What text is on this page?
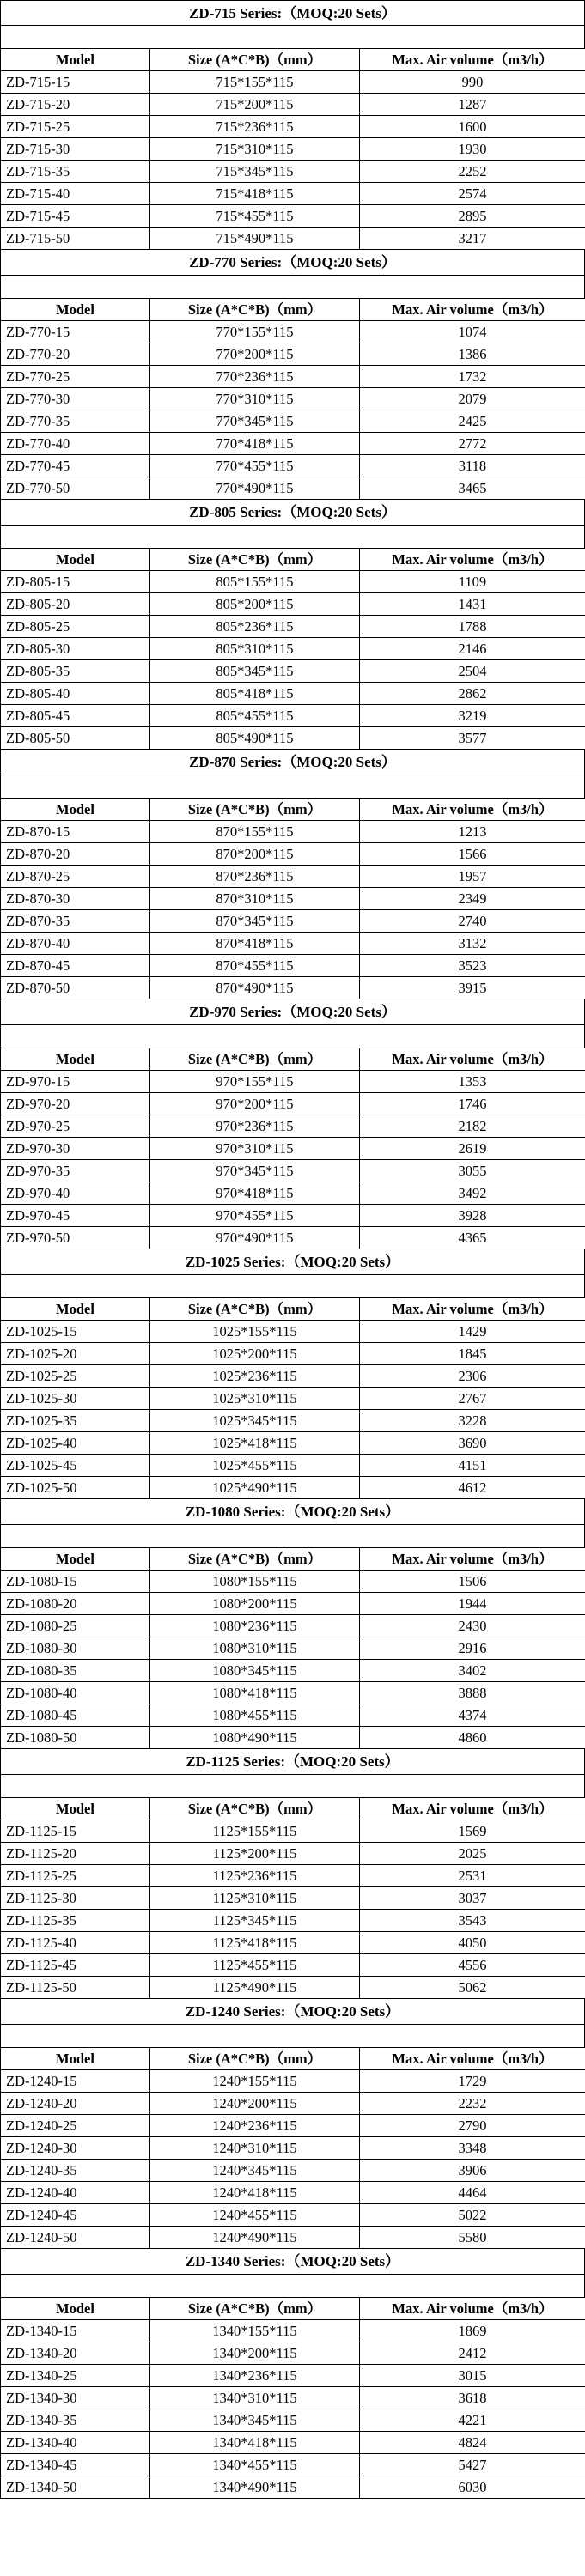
ZD-715 Series:（MOQ:20 Sets）
Model	Size (A*C*B)（mm）	Max. Air volume（m3/h）
ZD-715-15	715*155*115	990
ZD-715-20	715*200*115	1287
ZD-715-25	715*236*115	1600
ZD-715-30	715*310*115	1930
ZD-715-35	715*345*115	2252
ZD-715-40	715*418*115	2574
ZD-715-45	715*455*115	2895
ZD-715-50	715*490*115	3217
ZD-770 Series:（MOQ:20 Sets）
Model	Size (A*C*B)（mm）	Max. Air volume（m3/h）
ZD-770-15	770*155*115	1074
ZD-770-20	770*200*115	1386
ZD-770-25	770*236*115	1732
ZD-770-30	770*310*115	2079
ZD-770-35	770*345*115	2425
ZD-770-40	770*418*115	2772
ZD-770-45	770*455*115	3118
ZD-770-50	770*490*115	3465
ZD-805 Series:（MOQ:20 Sets）
Model	Size (A*C*B)（mm）	Max. Air volume（m3/h）
ZD-805-15	805*155*115	1109
ZD-805-20	805*200*115	1431
ZD-805-25	805*236*115	1788
ZD-805-30	805*310*115	2146
ZD-805-35	805*345*115	2504
ZD-805-40	805*418*115	2862
ZD-805-45	805*455*115	3219
ZD-805-50	805*490*115	3577
ZD-870 Series:（MOQ:20 Sets）
Model	Size (A*C*B)（mm）	Max. Air volume（m3/h）
ZD-870-15	870*155*115	1213
ZD-870-20	870*200*115	1566
ZD-870-25	870*236*115	1957
ZD-870-30	870*310*115	2349
ZD-870-35	870*345*115	2740
ZD-870-40	870*418*115	3132
ZD-870-45	870*455*115	3523
ZD-870-50	870*490*115	3915
ZD-970 Series:（MOQ:20 Sets）
Model	Size (A*C*B)（mm）	Max. Air volume（m3/h）
ZD-970-15	970*155*115	1353
ZD-970-20	970*200*115	1746
ZD-970-25	970*236*115	2182
ZD-970-30	970*310*115	2619
ZD-970-35	970*345*115	3055
ZD-970-40	970*418*115	3492
ZD-970-45	970*455*115	3928
ZD-970-50	970*490*115	4365
ZD-1025 Series:（MOQ:20 Sets）
Model	Size (A*C*B)（mm）	Max. Air volume（m3/h）
ZD-1025-15	1025*155*115	1429
ZD-1025-20	1025*200*115	1845
ZD-1025-25	1025*236*115	2306
ZD-1025-30	1025*310*115	2767
ZD-1025-35	1025*345*115	3228
ZD-1025-40	1025*418*115	3690
ZD-1025-45	1025*455*115	4151
ZD-1025-50	1025*490*115	4612
ZD-1080 Series:（MOQ:20 Sets）
Model	Size (A*C*B)（mm）	Max. Air volume（m3/h）
ZD-1080-15	1080*155*115	1506
ZD-1080-20	1080*200*115	1944
ZD-1080-25	1080*236*115	2430
ZD-1080-30	1080*310*115	2916
ZD-1080-35	1080*345*115	3402
ZD-1080-40	1080*418*115	3888
ZD-1080-45	1080*455*115	4374
ZD-1080-50	1080*490*115	4860
ZD-1125 Series:（MOQ:20 Sets）
Model	Size (A*C*B)（mm）	Max. Air volume（m3/h）
ZD-1125-15	1125*155*115	1569
ZD-1125-20	1125*200*115	2025
ZD-1125-25	1125*236*115	2531
ZD-1125-30	1125*310*115	3037
ZD-1125-35	1125*345*115	3543
ZD-1125-40	1125*418*115	4050
ZD-1125-45	1125*455*115	4556
ZD-1125-50	1125*490*115	5062
ZD-1240 Series:（MOQ:20 Sets）
Model	Size (A*C*B)（mm）	Max. Air volume（m3/h）
ZD-1240-15	1240*155*115	1729
ZD-1240-20	1240*200*115	2232
ZD-1240-25	1240*236*115	2790
ZD-1240-30	1240*310*115	3348
ZD-1240-35	1240*345*115	3906
ZD-1240-40	1240*418*115	4464
ZD-1240-45	1240*455*115	5022
ZD-1240-50	1240*490*115	5580
ZD-1340 Series:（MOQ:20 Sets）
Model	Size (A*C*B)（mm）	Max. Air volume（m3/h）
ZD-1340-15	1340*155*115	1869
ZD-1340-20	1340*200*115	2412
ZD-1340-25	1340*236*115	3015
ZD-1340-30	1340*310*115	3618
ZD-1340-35	1340*345*115	4221
ZD-1340-40	1340*418*115	4824
ZD-1340-45	1340*455*115	5427
ZD-1340-50	1340*490*115	6030
